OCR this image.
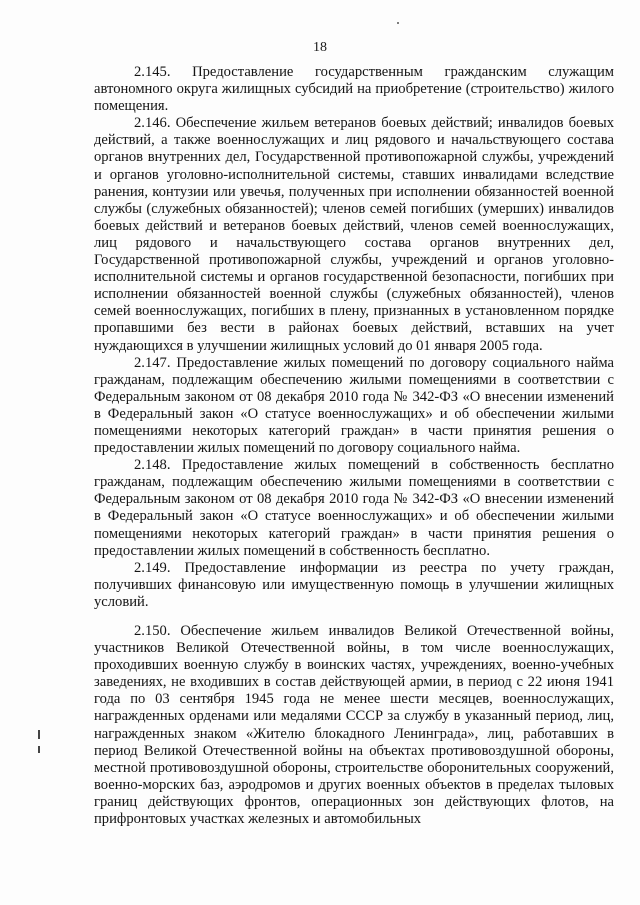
18

2.145. Предоставление государственным гражданским служащим автономного округа жилищных субсидий на приобретение (строительство) жилого помещения.

2.146. Обеспечение жильем ветеранов боевых действий; инвалидов боевых действий, а также военнослужащих и лиц рядового и начальствующего состава органов внутренних дел, Государственной противопожарной службы, учреждений и органов уголовно-исполнительной системы, ставших инвалидами вследствие ранения, контузии или увечья, полученных при исполнении обязанностей военной службы (служебных обязанностей); членов семей погибших (умерших) инвалидов боевых действий и ветеранов боевых действий, членов семей военнослужащих, лиц рядового и начальствующего состава органов внутренних дел, Государственной противопожарной службы, учреждений и органов уголовно-исполнительной системы и органов государственной безопасности, погибших при исполнении обязанностей военной службы (служебных обязанностей), членов семей военнослужащих, погибших в плену, признанных в установленном порядке пропавшими без вести в районах боевых действий, вставших на учет нуждающихся в улучшении жилищных условий до 01 января 2005 года.

2.147. Предоставление жилых помещений по договору социального найма гражданам, подлежащим обеспечению жилыми помещениями в соответствии с Федеральным законом от 08 декабря 2010 года № 342-ФЗ «О внесении изменений в Федеральный закон «О статусе военнослужащих» и об обеспечении жилыми помещениями некоторых категорий граждан» в части принятия решения о предоставлении жилых помещений по договору социального найма.

2.148. Предоставление жилых помещений в собственность бесплатно гражданам, подлежащим обеспечению жилыми помещениями в соответствии с Федеральным законом от 08 декабря 2010 года № 342-ФЗ «О внесении изменений в Федеральный закон «О статусе военнослужащих» и об обеспечении жилыми помещениями некоторых категорий граждан» в части принятия решения о предоставлении жилых помещений в собственность бесплатно.

2.149. Предоставление информации из реестра по учету граждан, получивших финансовую или имущественную помощь в улучшении жилищных условий.

2.150. Обеспечение жильем инвалидов Великой Отечественной войны, участников Великой Отечественной войны, в том числе военнослужащих, проходивших военную службу в воинских частях, учреждениях, военно-учебных заведениях, не входивших в состав действующей армии, в период с 22 июня 1941 года по 03 сентября 1945 года не менее шести месяцев, военнослужащих, награжденных орденами или медалями СССР за службу в указанный период, лиц, награжденных знаком «Жителю блокадного Ленинграда», лиц, работавших в период Великой Отечественной войны на объектах противовоздушной обороны, местной противовоздушной обороны, строительстве оборонительных сооружений, военно-морских баз, аэродромов и других военных объектов в пределах тыловых границ действующих фронтов, операционных зон действующих флотов, на прифронтовых участках железных и автомобильных
